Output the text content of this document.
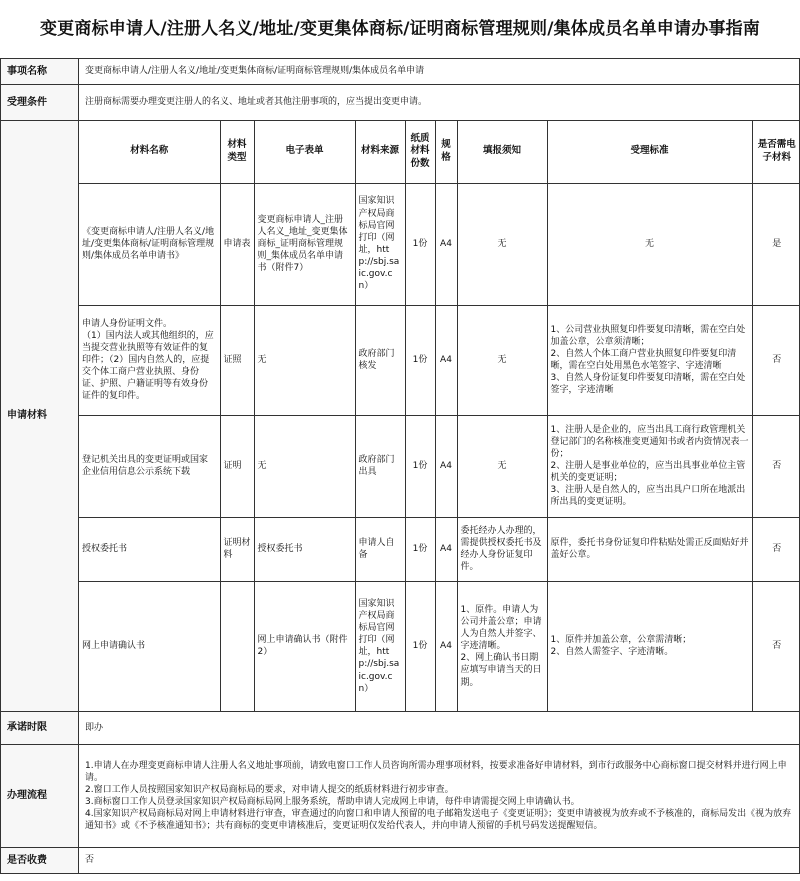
变更商标申请人/注册人名义/地址/变更集体商标/证明商标管理规则/集体成员名单申请办事指南
事项名称	变更商标申请人/注册人名义/地址/变更集体商标/证明商标管理规则/集体成员名单申请
受理条件	注册商标需要办理变更注册人的名义、地址或者其他注册事项的，应当提出变更申请。
申请材料	
材料名称	材料类型	电子表单	材料来源	纸质材料份数	规格	填报须知	受理标准	是否需电子材料
《变更商标申请人/注册人名义/地址/变更集体商标/证明商标管理规则/集体成员名单申请书》	申请表	变更商标申请人_注册人名义_地址_变更集体商标_证明商标管理规则_集体成员名单申请书（附件7）	国家知识产权局商标局官网打印（网址，http://sbj.saic.gov.cn）	1份	A4	无	无	是
申请人身份证明文件。
（1）国内法人或其他组织的，应当提交营业执照等有效证件的复印件；（2）国内自然人的，应提交个体工商户营业执照、身份证、护照、户籍证明等有效身份证件的复印件。	证照	无	政府部门核发	1份	A4	无	1、公司营业执照复印件要复印清晰，需在空白处加盖公章，公章须清晰；
2、自然人个体工商户营业执照复印件要复印清晰，需在空白处用黑色水笔签字、字迹清晰
3、自然人身份证复印件要复印清晰，需在空白处签字，字迹清晰	否
登记机关出具的变更证明或国家企业信用信息公示系统下载	证明	无	政府部门出具	1份	A4	无	1、注册人是企业的，应当出具工商行政管理机关登记部门的名称核准变更通知书或者内资情况表一份；
2、注册人是事业单位的，应当出具事业单位主管机关的变更证明；
3、注册人是自然人的，应当出具户口所在地派出所出具的变更证明。	否
授权委托书	证明材料	授权委托书	申请人自备	1份	A4	委托经办人办理的，需提供授权委托书及经办人身份证复印件。	原件，委托书身份证复印件粘贴处需正反面贴好并盖好公章。	否
网上申请确认书		网上申请确认书（附件2）	国家知识产权局商标局官网打印（网址，http://sbj.saic.gov.cn）	1份	A4	1、原件。申请人为公司并盖公章；申请人为自然人并签字、字迹清晰。
2、网上确认书日期应填写申请当天的日期。	1、原件并加盖公章，公章需清晰；
2、自然人需签字、字迹清晰。	否

承诺时限	即办
办理流程	
1.申请人在办理变更商标申请人注册人名义地址事项前，请致电窗口工作人员咨询所需办理事项材料，按要求准备好申请材料，到市行政服务中心商标窗口提交材料并进行网上申请。
2.窗口工作人员按照国家知识产权局商标局的要求，对申请人提交的纸质材料进行初步审查。
3.商标窗口工作人员登录国家知识产权局商标局网上服务系统，帮助申请人完成网上申请，每件申请需提交网上申请确认书。
4.国家知识产权局商标局对网上申请材料进行审查，审查通过的向窗口和申请人预留的电子邮箱发送电子《变更证明》；变更申请被视为放弃或不予核准的，商标局发出《视为放弃通知书》或《不予核准通知书》；共有商标的变更申请核准后，变更证明仅发给代表人，并向申请人预留的手机号码发送提醒短信。

是否收费	否
